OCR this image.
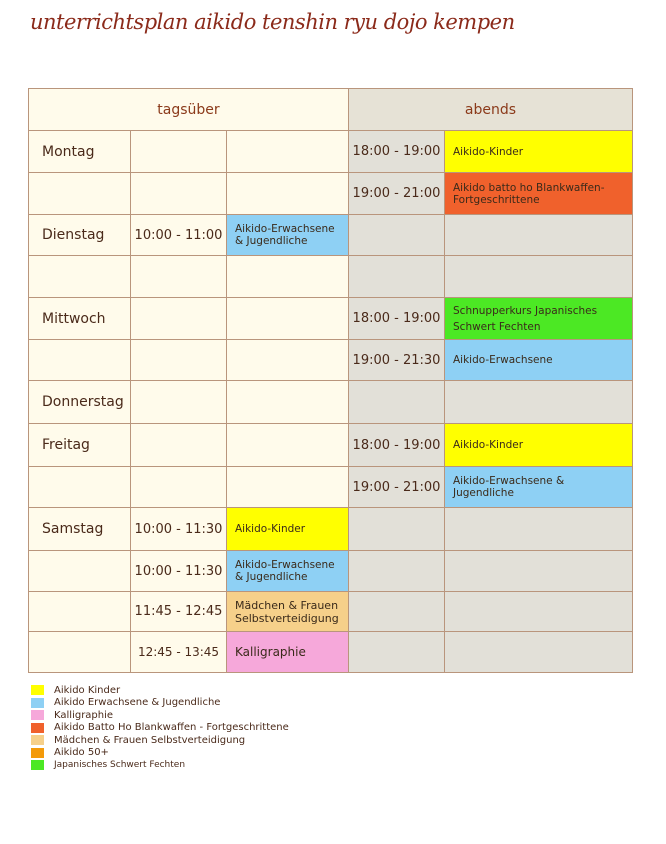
unterrichtsplan aikido tenshin ryu dojo kempen
tagsüber			abends	
Montag			18:00 - 19:00	Aikido-Kinder
			19:00 - 21:00	Aikido batto ho Blankwaffen-Fortgeschrittene
Dienstag	10:00 - 11:00	Aikido-Erwachsene & Jugendliche		

Mittwoch			18:00 - 19:00	Schnupperkurs Japanisches Schwert Fechten
			19:00 - 21:30	Aikido-Erwachsene
Donnerstag				
Freitag			18:00 - 19:00	Aikido-Kinder
			19:00 - 21:00	Aikido-Erwachsene & Jugendliche
Samstag	10:00 - 11:30	Aikido-Kinder		
	10:00 - 11:30	Aikido-Erwachsene & Jugendliche		
	11:45 - 12:45	Mädchen & Frauen Selbstverteidigung		
	12:45 - 13:45	Kalligraphie		
Aikido Kinder
Aikido Erwachsene & Jugendliche
Kalligraphie
Aikido Batto Ho Blankwaffen - Fortgeschrittene
Mädchen & Frauen Selbstverteidigung
Aikido 50+
Japanisches Schwert Fechten
